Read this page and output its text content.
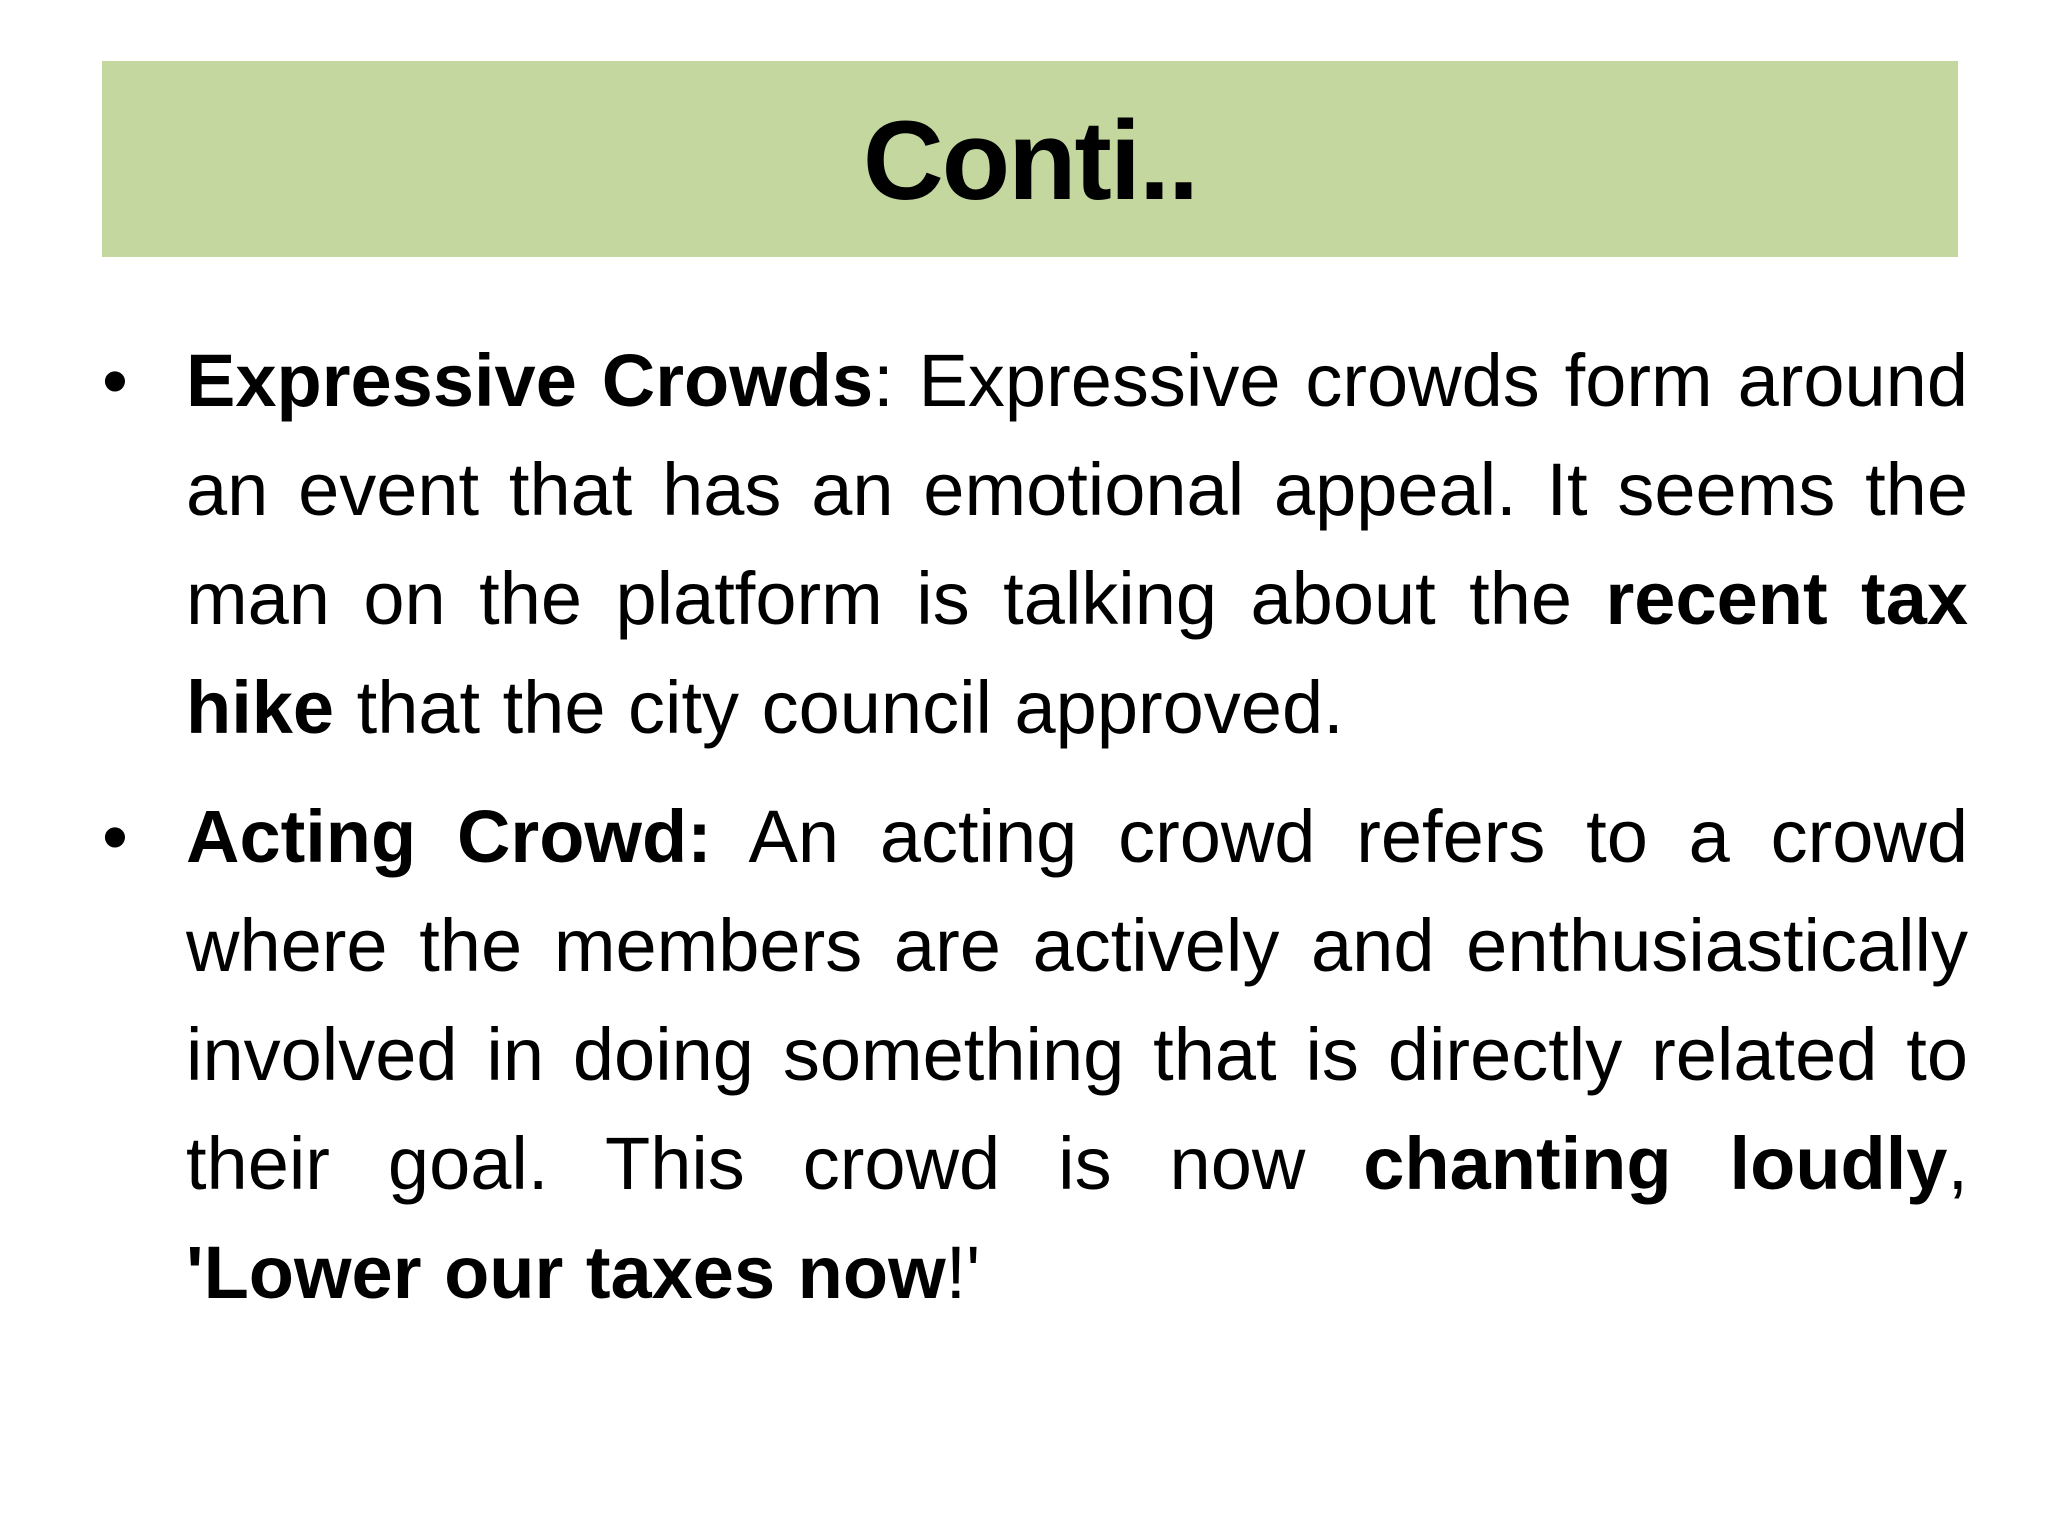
Conti..
• Expressive Crowds: Expressive crowds form around an event that has an emotional appeal. It seems the man on the platform is talking about the recent tax hike that the city council approved.
• Acting Crowd: An acting crowd refers to a crowd where the members are actively and enthusiastically involved in doing something that is directly related to their goal. This crowd is now chanting loudly, 'Lower our taxes now!'
